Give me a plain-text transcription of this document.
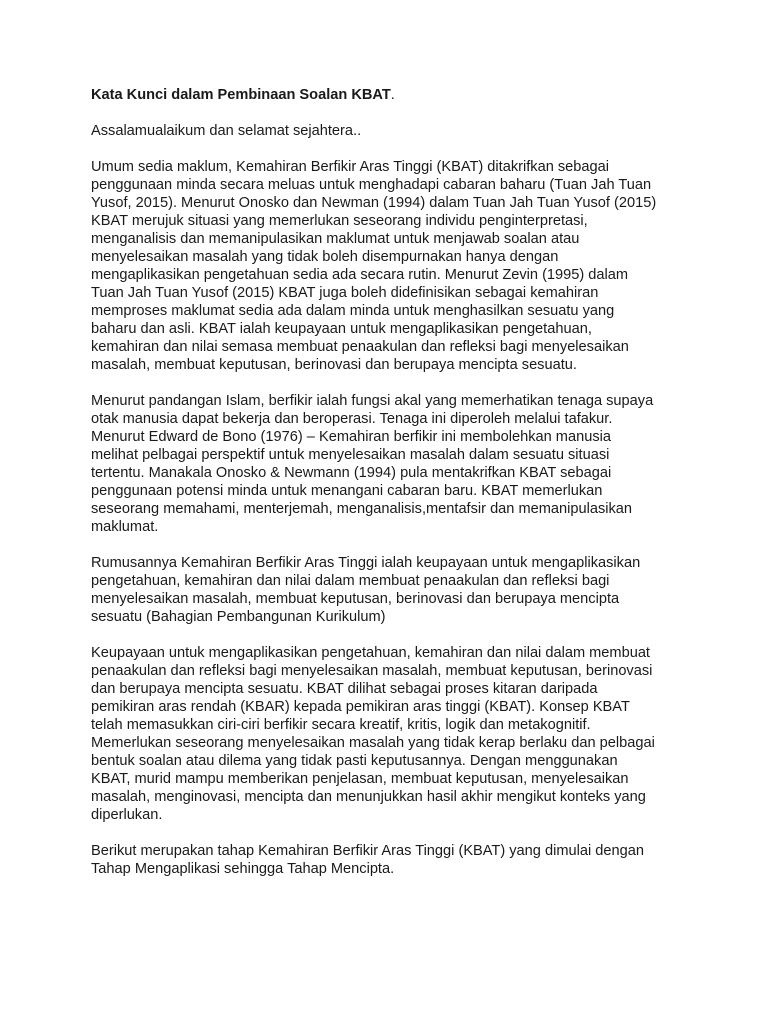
Kata Kunci dalam Pembinaan Soalan KBAT.
Assalamualaikum dan selamat sejahtera..
Umum sedia maklum, Kemahiran Berfikir Aras Tinggi (KBAT) ditakrifkan sebagai
penggunaan minda secara meluas untuk menghadapi cabaran baharu (Tuan Jah Tuan
Yusof, 2015). Menurut Onosko dan Newman (1994) dalam Tuan Jah Tuan Yusof (2015)
KBAT merujuk situasi yang memerlukan seseorang individu penginterpretasi,
menganalisis dan memanipulasikan maklumat untuk menjawab soalan atau
menyelesaikan masalah yang tidak boleh disempurnakan hanya dengan
mengaplikasikan pengetahuan sedia ada secara rutin. Menurut Zevin (1995) dalam
Tuan Jah Tuan Yusof (2015) KBAT juga boleh didefinisikan sebagai kemahiran
memproses maklumat sedia ada dalam minda untuk menghasilkan sesuatu yang
baharu dan asli. KBAT ialah keupayaan untuk mengaplikasikan pengetahuan,
kemahiran dan nilai semasa membuat penaakulan dan refleksi bagi menyelesaikan
masalah, membuat keputusan, berinovasi dan berupaya mencipta sesuatu.
Menurut pandangan Islam, berfikir ialah fungsi akal yang memerhatikan tenaga supaya
otak manusia dapat bekerja dan beroperasi. Tenaga ini diperoleh melalui tafakur.
Menurut Edward de Bono (1976) – Kemahiran berfikir ini membolehkan manusia
melihat pelbagai perspektif untuk menyelesaikan masalah dalam sesuatu situasi
tertentu. Manakala Onosko & Newmann (1994) pula mentakrifkan KBAT sebagai
penggunaan potensi minda untuk menangani cabaran baru. KBAT memerlukan
seseorang memahami, menterjemah, menganalisis,mentafsir dan memanipulasikan
maklumat.
Rumusannya Kemahiran Berfikir Aras Tinggi ialah keupayaan untuk mengaplikasikan
pengetahuan, kemahiran dan nilai dalam membuat penaakulan dan refleksi bagi
menyelesaikan masalah, membuat keputusan, berinovasi dan berupaya mencipta
sesuatu (Bahagian Pembangunan Kurikulum)
Keupayaan untuk mengaplikasikan pengetahuan, kemahiran dan nilai dalam membuat
penaakulan dan refleksi bagi menyelesaikan masalah, membuat keputusan, berinovasi
dan berupaya mencipta sesuatu. KBAT dilihat sebagai proses kitaran daripada
pemikiran aras rendah (KBAR) kepada pemikiran aras tinggi (KBAT). Konsep KBAT
telah memasukkan ciri-ciri berfikir secara kreatif, kritis, logik dan metakognitif.
Memerlukan seseorang menyelesaikan masalah yang tidak kerap berlaku dan pelbagai
bentuk soalan atau dilema yang tidak pasti keputusannya. Dengan menggunakan
KBAT, murid mampu memberikan penjelasan, membuat keputusan, menyelesaikan
masalah, menginovasi, mencipta dan menunjukkan hasil akhir mengikut konteks yang
diperlukan.
Berikut merupakan tahap Kemahiran Berfikir Aras Tinggi (KBAT) yang dimulai dengan
Tahap Mengaplikasi sehingga Tahap Mencipta.
